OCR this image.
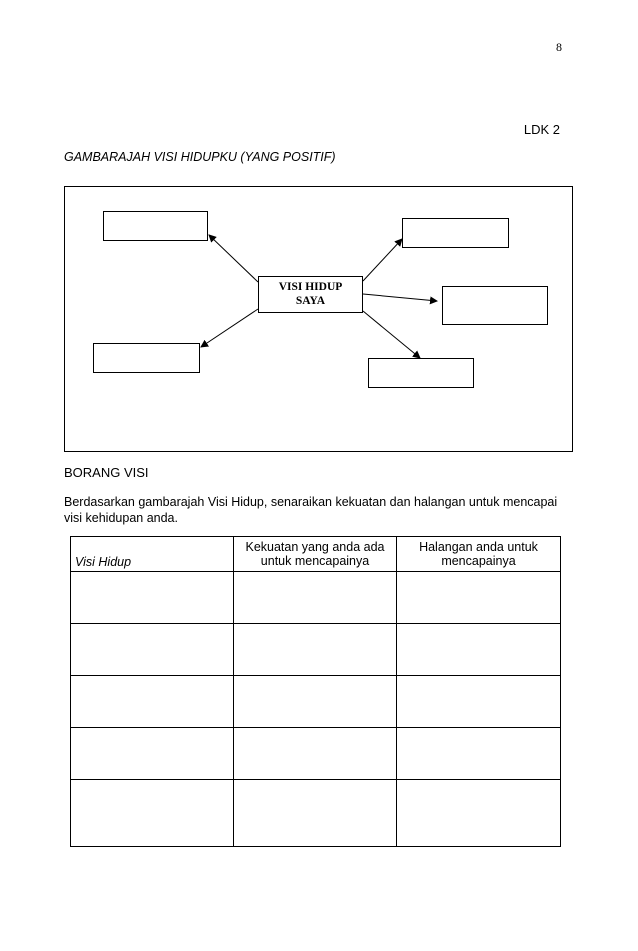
8
LDK 2
GAMBARAJAH VISI HIDUPKU (YANG POSITIF)
VISI HIDUP
SAYA
BORANG VISI
Berdasarkan gambarajah Visi Hidup, senaraikan kekuatan dan halangan untuk mencapai visi kehidupan anda.
Visi Hidup	Kekuatan yang anda ada untuk mencapainya	Halangan anda untuk mencapainya
